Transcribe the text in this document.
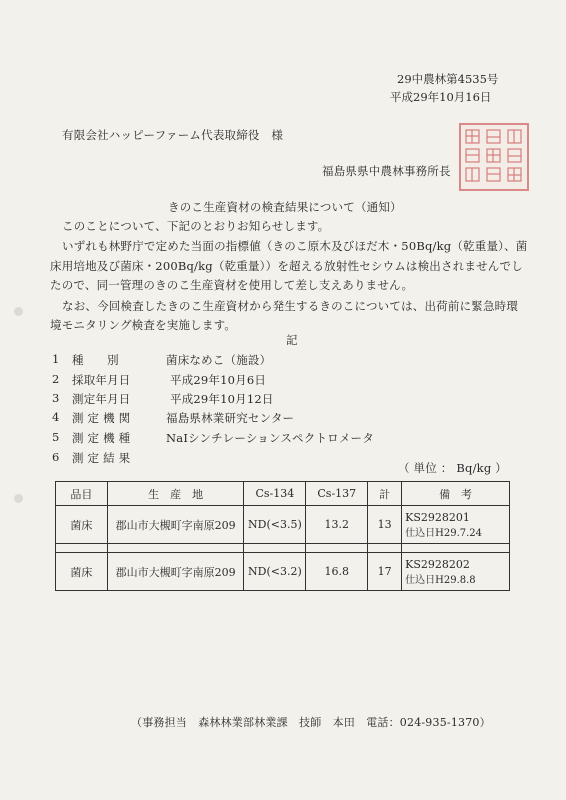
29中農林第4535号
平成29年10月16日
有限会社ハッピーファーム代表取締役　様
福島県県中農林事務所長
きのこ生産資材の検査結果について（通知）
このことについて、下記のとおりお知らせします。
いずれも林野庁で定めた当面の指標値（きのこ原木及びほだ木・50Bq/kg（乾重量）、菌
床用培地及び菌床・200Bq/kg（乾重量））を超える放射性セシウムは検出されませんでし
たので、同一管理のきのこ生産資材を使用して差し支えありません。
なお、今回検査したきのこ生産資材から発生するきのこについては、出荷前に緊急時環
境モニタリング検査を実施します。
記
1 種　　別	菌床なめこ（施設）
2 採取年月日	平成29年10月6日
3 測定年月日	平成29年10月12日
4 測 定 機 関	福島県林業研究センター
5 測 定 機 種	NaIシンチレーションスペクトロメータ
6 測 定 結 果
（ 単位 ： Bq/kg ）
品目	生　産　地	Cs-134	Cs-137	計	備　考
菌床	郡山市大槻町字南原209	ND(<3.5)	13.2	13	KS2928201
仕込日H29.7.24

菌床	郡山市大槻町字南原209	ND(<3.2)	16.8	17	KS2928202
仕込日H29.8.8
（事務担当　森林林業部林業課　技師　本田　電話：024-935-1370）
